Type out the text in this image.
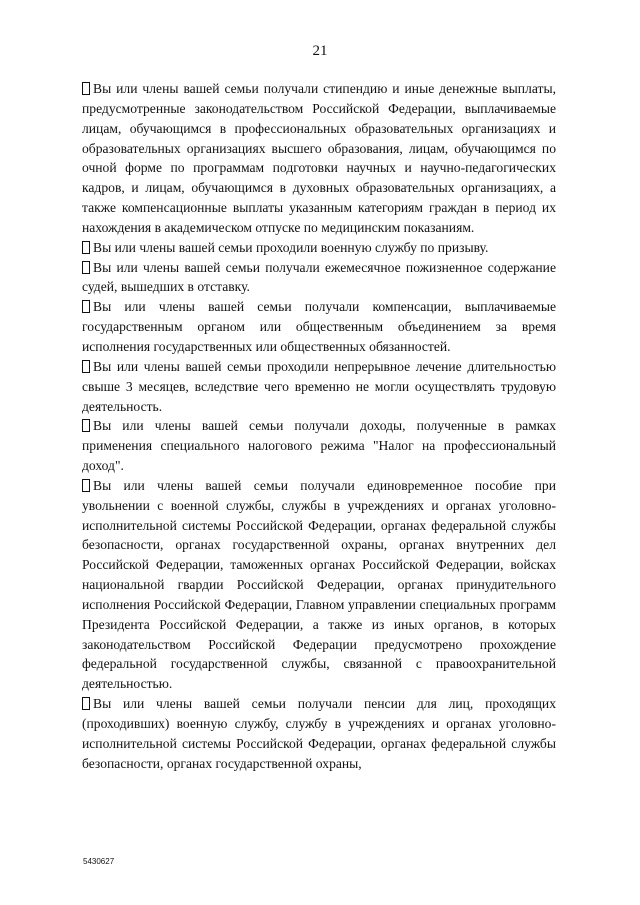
21

Вы или члены вашей семьи получали стипендию и иные денежные выплаты, предусмотренные законодательством Российской Федерации, выплачиваемые лицам, обучающимся в профессиональных образовательных организациях и образовательных организациях высшего образования, лицам, обучающимся по очной форме по программам подготовки научных и научно-педагогических кадров, и лицам, обучающимся в духовных образовательных организациях, а также компенсационные выплаты указанным категориям граждан в период их нахождения в академическом отпуске по медицинским показаниям.

Вы или члены вашей семьи проходили военную службу по призыву.

Вы или члены вашей семьи получали ежемесячное пожизненное содержание судей, вышедших в отставку.

Вы или члены вашей семьи получали компенсации, выплачиваемые государственным органом или общественным объединением за время исполнения государственных или общественных обязанностей.

Вы или члены вашей семьи проходили непрерывное лечение длительностью свыше 3 месяцев, вследствие чего временно не могли осуществлять трудовую деятельность.

Вы или члены вашей семьи получали доходы, полученные в рамках применения специального налогового режима "Налог на профессиональный доход".

Вы или члены вашей семьи получали единовременное пособие при увольнении с военной службы, службы в учреждениях и органах уголовно-исполнительной системы Российской Федерации, органах федеральной службы безопасности, органах государственной охраны, органах внутренних дел Российской Федерации, таможенных органах Российской Федерации, войсках национальной гвардии Российской Федерации, органах принудительного исполнения Российской Федерации, Главном управлении специальных программ Президента Российской Федерации, а также из иных органов, в которых законодательством Российской Федерации предусмотрено прохождение федеральной государственной службы, связанной с правоохранительной деятельностью.

Вы или члены вашей семьи получали пенсии для лиц, проходящих (проходивших) военную службу, службу в учреждениях и органах уголовно-исполнительной системы Российской Федерации, органах федеральной службы безопасности, органах государственной охраны,

5430627
